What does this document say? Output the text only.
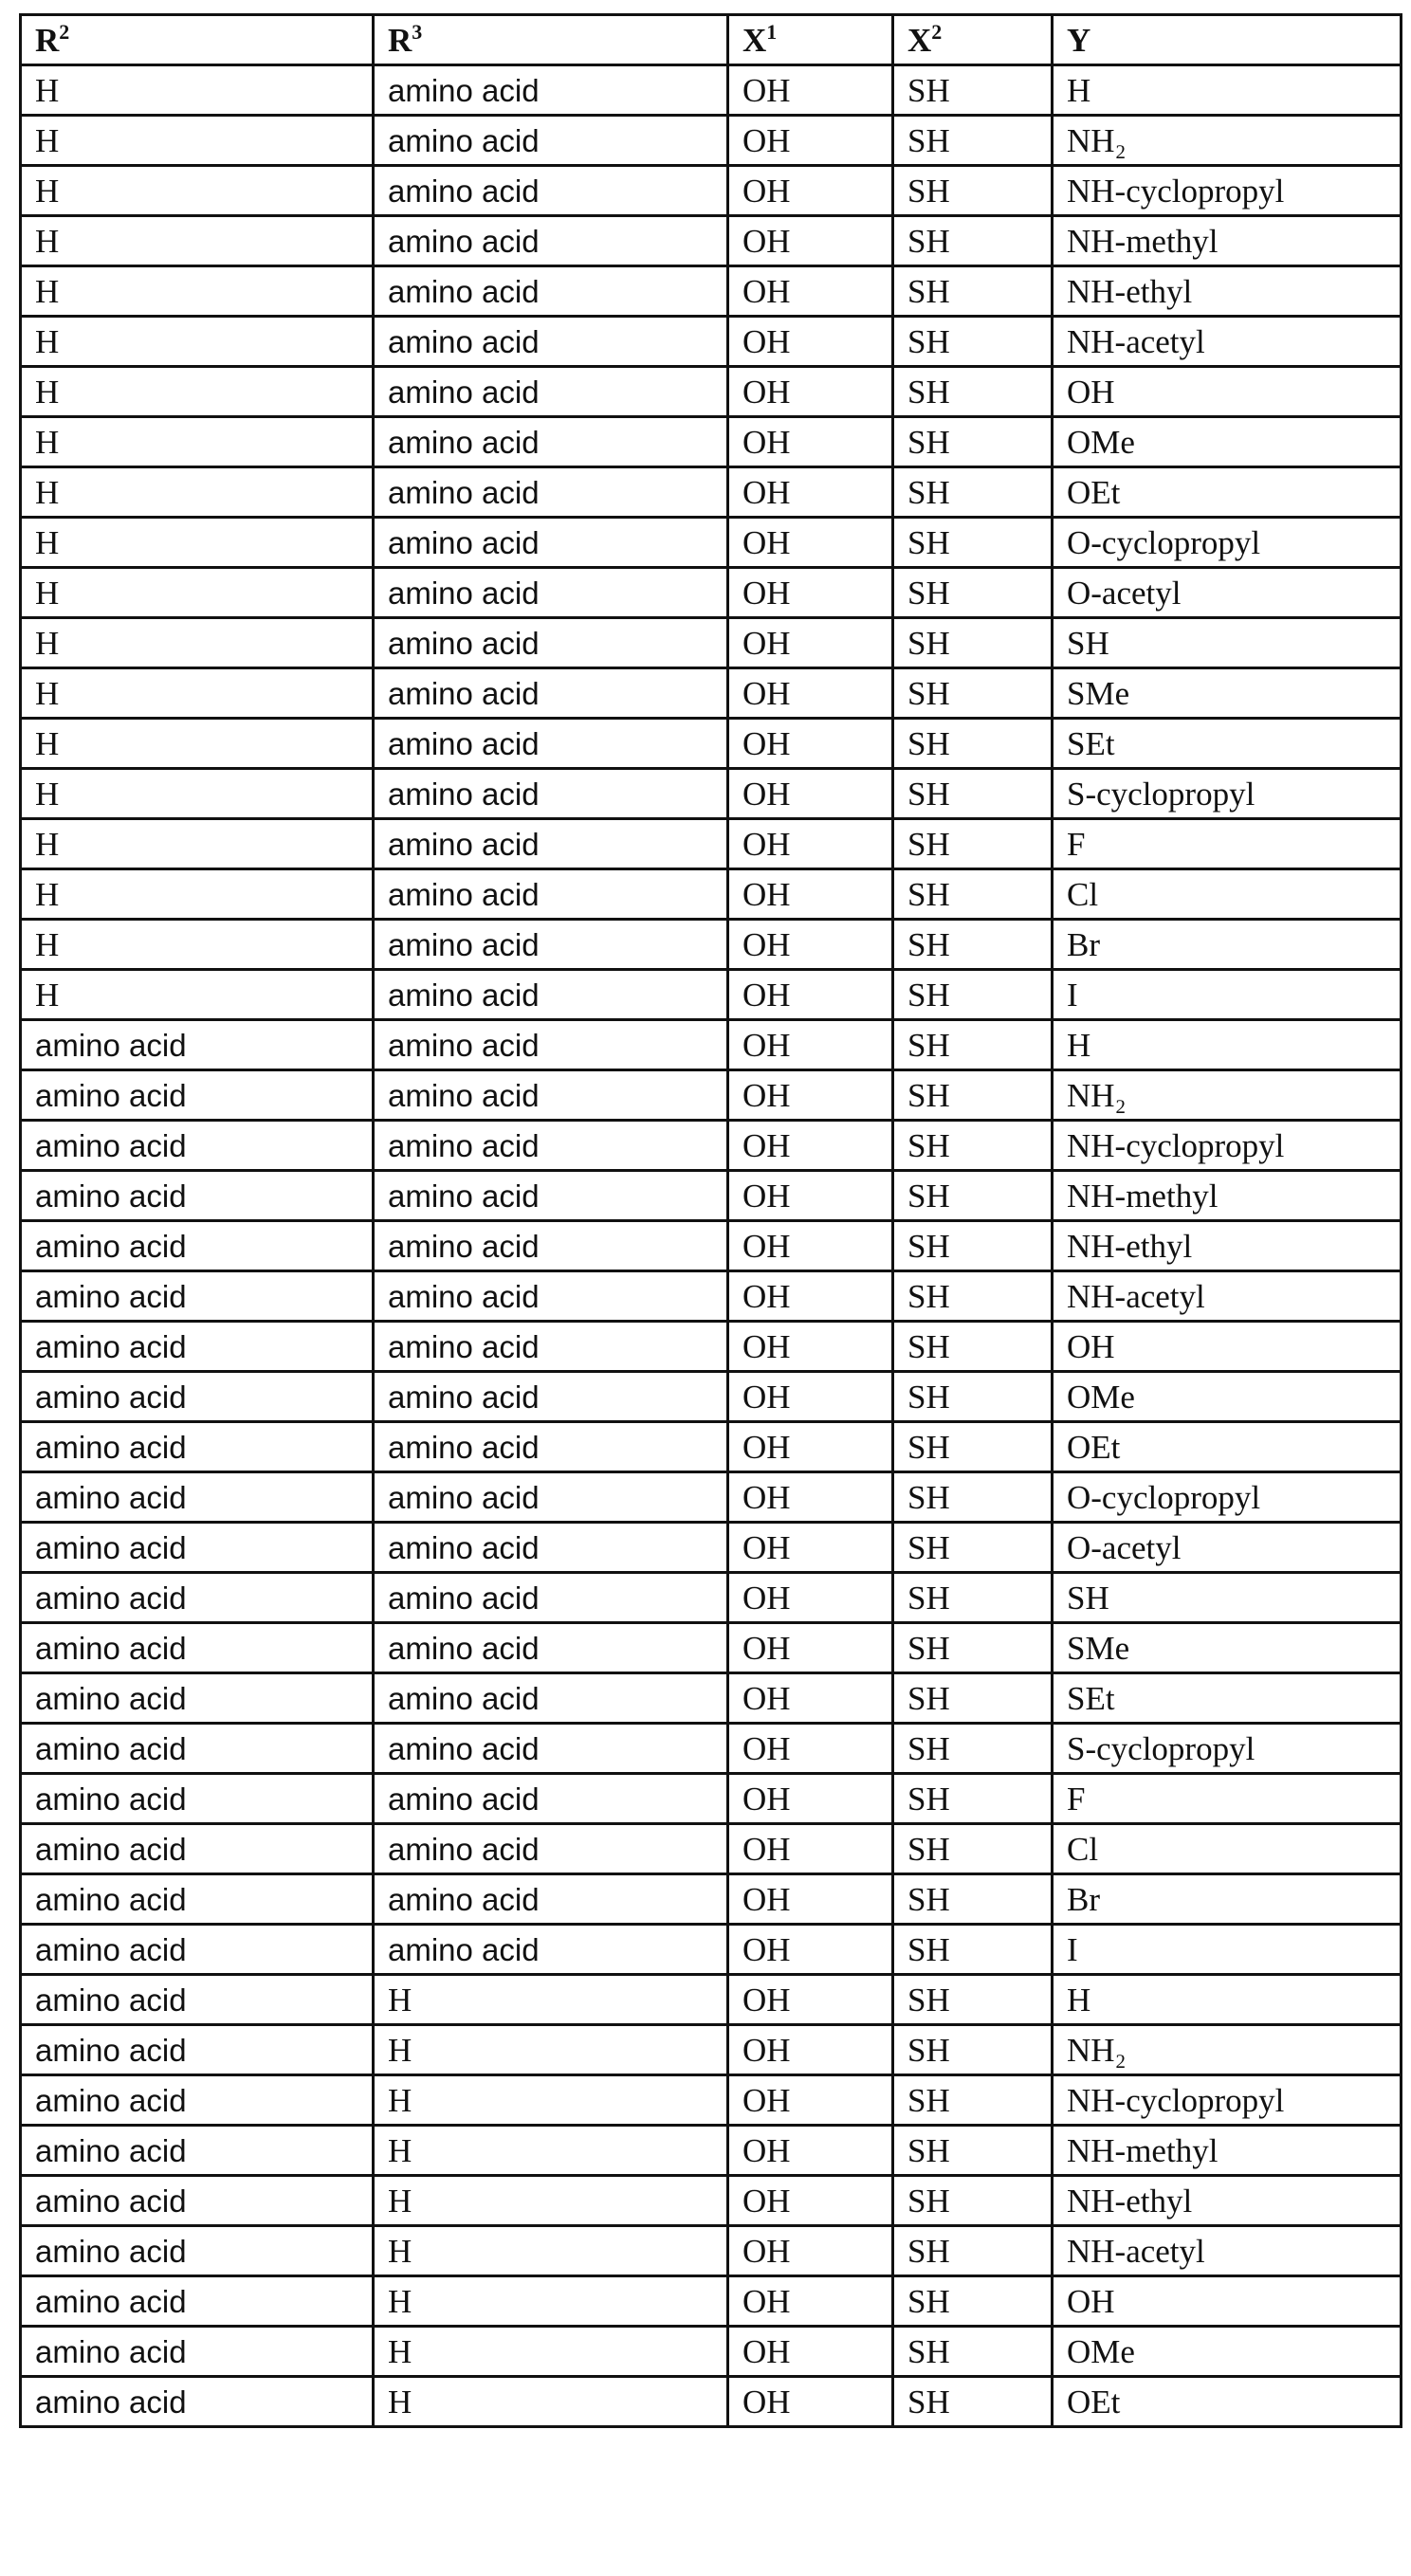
R2	R3	X1	X2	Y
H	amino acid	OH	SH	H
H	amino acid	OH	SH	NH₂
H	amino acid	OH	SH	NH-cyclopropyl
H	amino acid	OH	SH	NH-methyl
H	amino acid	OH	SH	NH-ethyl
H	amino acid	OH	SH	NH-acetyl
H	amino acid	OH	SH	OH
H	amino acid	OH	SH	OMe
H	amino acid	OH	SH	OEt
H	amino acid	OH	SH	O-cyclopropyl
H	amino acid	OH	SH	O-acetyl
H	amino acid	OH	SH	SH
H	amino acid	OH	SH	SMe
H	amino acid	OH	SH	SEt
H	amino acid	OH	SH	S-cyclopropyl
H	amino acid	OH	SH	F
H	amino acid	OH	SH	Cl
H	amino acid	OH	SH	Br
H	amino acid	OH	SH	I
amino acid	amino acid	OH	SH	H
amino acid	amino acid	OH	SH	NH₂
amino acid	amino acid	OH	SH	NH-cyclopropyl
amino acid	amino acid	OH	SH	NH-methyl
amino acid	amino acid	OH	SH	NH-ethyl
amino acid	amino acid	OH	SH	NH-acetyl
amino acid	amino acid	OH	SH	OH
amino acid	amino acid	OH	SH	OMe
amino acid	amino acid	OH	SH	OEt
amino acid	amino acid	OH	SH	O-cyclopropyl
amino acid	amino acid	OH	SH	O-acetyl
amino acid	amino acid	OH	SH	SH
amino acid	amino acid	OH	SH	SMe
amino acid	amino acid	OH	SH	SEt
amino acid	amino acid	OH	SH	S-cyclopropyl
amino acid	amino acid	OH	SH	F
amino acid	amino acid	OH	SH	Cl
amino acid	amino acid	OH	SH	Br
amino acid	amino acid	OH	SH	I
amino acid	H	OH	SH	H
amino acid	H	OH	SH	NH₂
amino acid	H	OH	SH	NH-cyclopropyl
amino acid	H	OH	SH	NH-methyl
amino acid	H	OH	SH	NH-ethyl
amino acid	H	OH	SH	NH-acetyl
amino acid	H	OH	SH	OH
amino acid	H	OH	SH	OMe
amino acid	H	OH	SH	OEt
